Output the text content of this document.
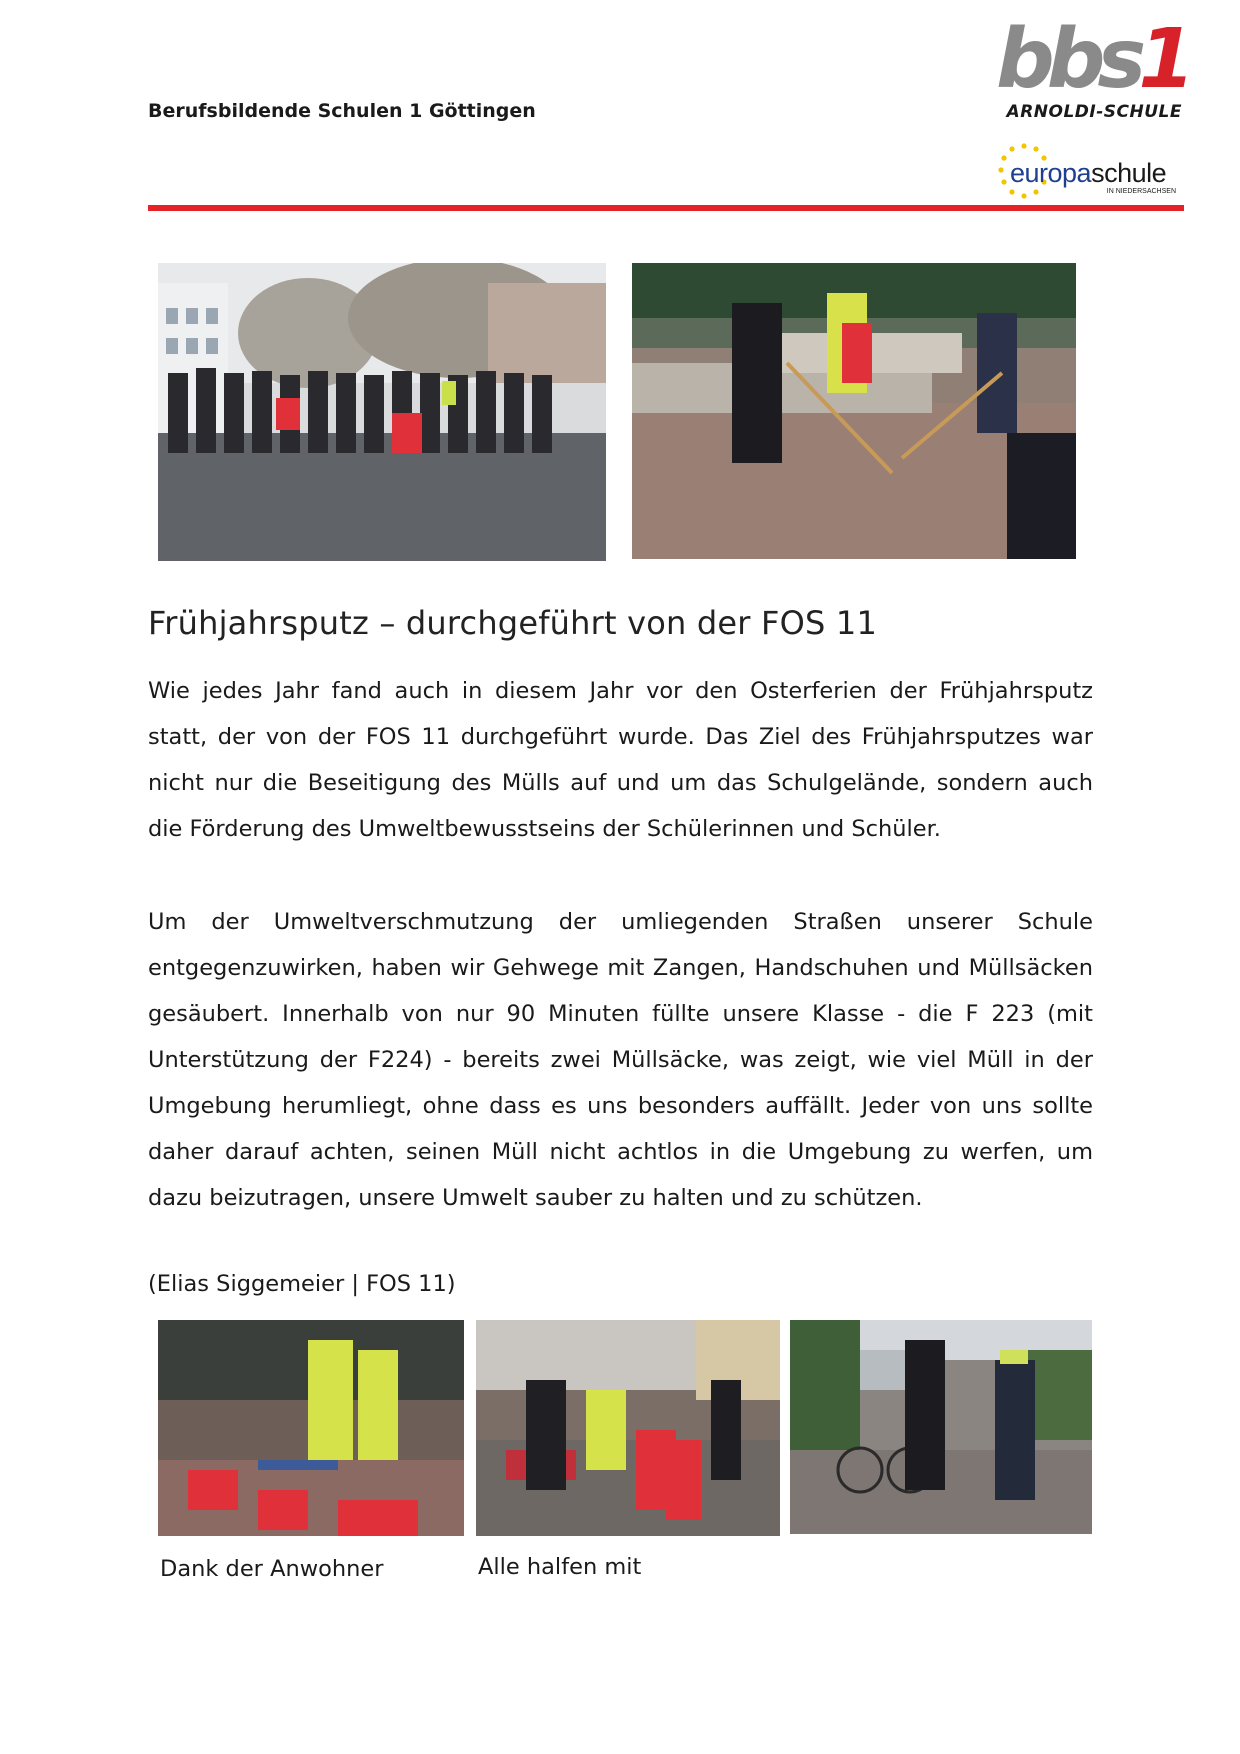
Berufsbildende Schulen 1 Göttingen
bbs1
ARNOLDI-SCHULE
europaschule
IN NIEDERSACHSEN
Frühjahrsputz – durchgeführt von der FOS 11

Wie jedes Jahr fand auch in diesem Jahr vor den Osterferien der Frühjahrsputz statt, der von der FOS 11 durchgeführt wurde. Das Ziel des Frühjahrsputzes war nicht nur die Beseitigung des Mülls auf und um das Schulgelände, sondern auch die Förderung des Umweltbewusstseins der Schülerinnen und Schüler.

Um der Umweltverschmutzung der umliegenden Straßen unserer Schule entgegenzuwirken, haben wir Gehwege mit Zangen, Handschuhen und Müllsäcken gesäubert. Innerhalb von nur 90 Minuten füllte unsere Klasse - die F 223 (mit Unterstützung der F224) - bereits zwei Müllsäcke, was zeigt, wie viel Müll in der Umgebung herumliegt, ohne dass es uns besonders auffällt. Jeder von uns sollte daher darauf achten, seinen Müll nicht achtlos in die Umgebung zu werfen, um dazu beizutragen, unsere Umwelt sauber zu halten und zu schützen.

(Elias Siggemeier | FOS 11)
Dank der Anwohner	Alle halfen mit
